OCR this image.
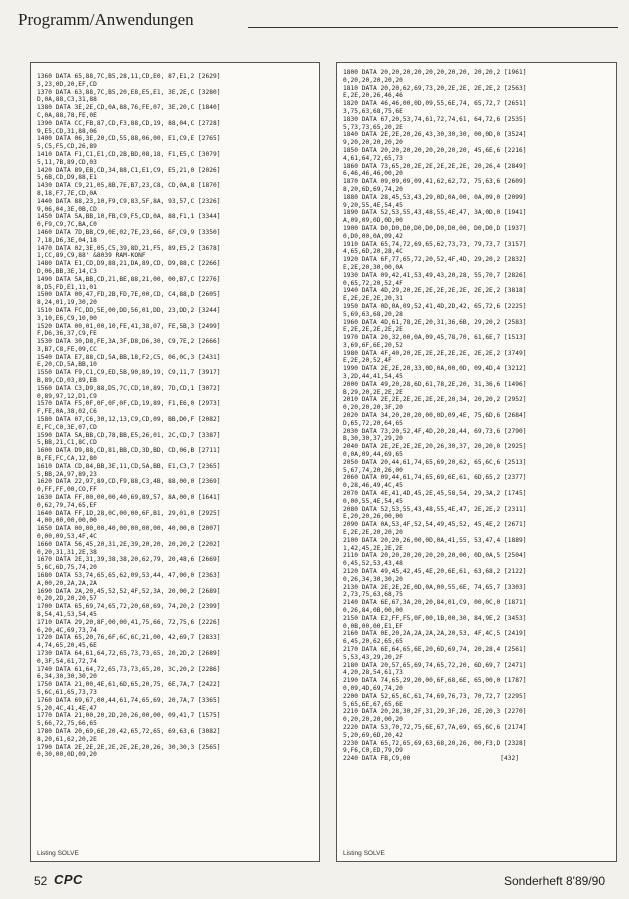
Programm/Anwendungen
1360 DATA 65,88,7C,B5,28,11,CD,E0, 87,E1,2 [2629]
3,23,0D,20,EF,CD
1370 DATA 63,88,7C,B5,20,E8,E5,E1, 3E,2E,C [3280]
D,0A,88,C3,31,88
1380 DATA 3E,2E,CD,0A,88,76,FE,07, 3E,20,C [1840]
C,0A,88,78,FE,0E
1390 DATA CC,FB,87,CD,F3,88,CD,19, 88,04,C [2728]
9,E5,CD,31,88,06
1400 DATA 06,3E,20,CD,55,88,06,00, E1,C9,E [2765]
5,C5,F5,CD,26,89
1410 DATA F1,C1,E1,CD,2B,BD,08,18, F1,E5,C [3079]
5,11,7B,89,CD,03
1420 DATA 89,EB,CD,34,88,C1,E1,C9, E5,21,0 [2026]
5,6B,CD,D9,88,E1
1430 DATA C9,21,05,8B,7E,B7,23,C8, CD,0A,8 [1870]
8,18,F7,7E,CD,0A
1440 DATA 88,23,10,F9,C9,83,5F,8A, 93,57,C [2326]
9,06,04,3E,0B,CD
1450 DATA 5A,BB,10,FB,C9,F5,CD,0A, 88,F1,1 [3344]
0,F9,C9,7C,BA,C0
1460 DATA 7D,BB,C9,0E,02,7E,23,66, 6F,C9,9 [3350]
7,18,D6,3E,04,18
1470 DATA 02,3E,05,C5,39,8D,21,F5, 89,E5,2 [3678]
1,CC,89,C9,88' &8039 RAM-KONF
1480 DATA E1,CD,D9,88,21,DA,89,CD, D9,88,C [2266]
D,06,BB,3E,14,C3
1490 DATA 5A,BB,CD,21,BE,88,21,00, 00,B7,C [2276]
8,D5,FD,E1,11,01
1500 DATA 00,47,FD,2B,FD,7E,00,CD, C4,88,D [2605]
8,24,01,19,30,20
1510 DATA FC,DD,5E,00,DD,56,01,DD, 23,DD,2 [3244]
3,10,E6,C9,10,00
1520 DATA 00,01,00,10,FE,41,38,07, FE,5B,3 [2499]
F,D6,36,37,C9,FE
1530 DATA 30,D8,FE,3A,3F,D8,D6,30, C9,7E,2 [2666]
3,B7,C8,FE,09,CC
1540 DATA E7,88,CD,5A,BB,18,F2,C5, 06,0C,3 [2431]
E,20,CD,5A,BB,10
1550 DATA F9,C1,C9,ED,5B,90,89,19, C9,11,7 [3917]
B,89,CD,03,89,EB
1560 DATA C3,D9,88,D5,7C,CD,10,89, 7D,CD,1 [3072]
0,89,97,12,D1,C9
1570 DATA F5,0F,0F,0F,0F,CD,19,89, F1,E6,0 [2973]
F,FE,0A,38,02,C6
1580 DATA 07,C6,30,12,13,C9,CD,09, BB,D0,F [2082]
E,FC,C0,3E,07,CD
1590 DATA 5A,BB,CD,78,BB,E5,26,01, 2C,CD,7 [3387]
5,BB,21,C1,8C,CD
1600 DATA D9,88,CD,81,BB,CD,3D,BD, CD,06,B [2711]
B,FE,FC,CA,12,80
1610 DATA CD,84,BB,3E,11,CD,5A,BB, E1,C3,7 [2365]
5,BB,2A,97,89,23
1620 DATA 22,97,89,CD,F9,88,C3,4B, 88,00,0 [2369]
0,FF,FF,00,CO,FF
1630 DATA FF,00,00,00,40,69,89,57, 8A,00,0 [1641]
0,62,79,74,65,EF
1640 DATA FF,1D,28,0C,00,00,6F,B1, 29,01,0 [2925]
4,00,00,00,00,00
1650 DATA 00,00,00,40,00,00,00,00, 40,00,0 [2007]
0,00,09,53,4F,4C
1660 DATA 56,45,20,31,2E,39,20,20, 20,20,2 [2202]
0,20,31,31,2E,38
1670 DATA 2E,31,39,38,38,20,62,79, 20,48,6 [2669]
5,6C,6D,75,74,20
1680 DATA 53,74,65,65,62,09,53,44, 47,00,0 [2363]
A,00,20,2A,2A,2A
1690 DATA 2A,20,45,52,52,4F,52,3A, 20,00,2 [2689]
0,20,2D,20,20,57
1700 DATA 65,69,74,65,72,20,60,69, 74,20,2 [2399]
8,54,41,53,54,45
1710 DATA 29,20,8F,00,00,41,75,66, 72,75,6 [2226]
6,20,4C,69,73,74
1720 DATA 65,20,76,6F,6C,6C,21,00, 42,69,7 [2833]
4,74,65,20,45,6E
1730 DATA 64,61,64,72,65,73,73,65, 20,2D,2 [2689]
0,3F,54,61,72,74
1740 DATA 61,64,72,65,73,73,65,20, 3C,20,2 [2286]
6,34,30,30,30,20
1750 DATA 21,00,4E,61,6D,65,20,75, 6E,7A,7 [2422]
5,6C,61,65,73,73
1760 DATA 69,67,00,44,61,74,65,69, 20,7A,7 [3365]
5,20,4C,41,4E,47
1770 DATA 21,00,20,2D,20,26,00,00, 09,41,7 [1575]
5,66,72,75,66,65
1780 DATA 20,69,6E,20,42,65,72,65, 69,63,6 [3082]
8,20,61,62,20,2E
1790 DATA 2E,2E,2E,2E,2E,2E,20,26, 30,30,3 [2565]
0,30,00,0D,09,20
Listing SOLVE
1800 DATA 20,20,20,20,20,20,20,20, 20,20,2 [1961]
0,20,20,20,20,20
1810 DATA 20,20,62,69,73,20,2E,2E, 2E,2E,2 [2563]
E,2E,20,26,46,46
1820 DATA 46,46,00,0D,09,55,6E,74, 65,72,7 [2651]
3,75,63,68,75,6E
1830 DATA 67,20,53,74,61,72,74,61, 64,72,6 [2535]
5,73,73,65,20,2E
1840 DATA 2E,2E,20,26,43,30,30,30, 00,0D,0 [3524]
9,20,20,20,20,20
1850 DATA 20,20,20,20,20,20,20,20, 45,6E,6 [2216]
4,61,64,72,65,73
1860 DATA 73,65,20,2E,2E,2E,2E,2E, 20,26,4 [2849]
6,46,46,46,00,20
1870 DATA 09,09,09,09,41,62,62,72, 75,63,6 [2609]
8,20,6D,69,74,20
1880 DATA 28,45,53,43,29,0D,0A,00, 0A,09,0 [2099]
9,20,55,4E,54,45
1890 DATA 52,53,55,43,48,55,4E,47, 3A,0D,0 [1941]
A,09,09,0D,0D,00
1900 DATA D0,D0,D0,D0,D0,D0,D0,00, D0,D0,D [1937]
0,D0,00,0A,09,42
1910 DATA 65,74,72,69,65,62,73,73, 79,73,7 [3157]
4,65,6D,20,28,4C
1920 DATA 6F,77,65,72,20,52,4F,4D, 29,20,2 [2832]
E,2E,20,30,00,0A
1930 DATA 09,42,41,53,49,43,20,28, 55,70,7 [2826]
0,65,72,20,52,4F
1940 DATA 4D,29,20,2E,2E,2E,2E,2E, 2E,2E,2 [3818]
E,2E,2E,2E,20,31
1950 DATA 0D,0A,09,52,41,4D,2D,42, 65,72,6 [2225]
5,69,63,68,20,28
1960 DATA 4D,61,78,2E,20,31,36,6B, 29,20,2 [2583]
E,2E,2E,2E,2E,2E
1970 DATA 20,32,00,0A,09,45,78,70, 61,6E,7 [1513]
3,69,6F,6E,20,52
1980 DATA 4F,40,20,2E,2E,2E,2E,2E, 2E,2E,2 [3749]
E,2E,20,52,4F
1990 DATA 2E,2E,20,33,0D,0A,00,0D, 09,4D,4 [3212]
3,2D,44,41,54,45
2000 DATA 49,20,28,6D,61,78,2E,20, 31,36,6 [1496]
B,29,20,2E,2E,2E
2010 DATA 2E,2E,2E,2E,2E,2E,20,34, 20,20,2 [2952]
0,20,20,20,3F,20
2020 DATA 34,20,20,20,00,0D,09,4E, 75,6D,6 [2684]
D,65,72,20,64,65
2030 DATA 73,20,52,4F,4D,20,28,44, 69,73,6 [2790]
B,30,30,37,29,20
2040 DATA 2E,2E,2E,2E,20,26,30,37, 20,20,0 [2925]
0,0A,09,44,69,65
2050 DATA 20,44,61,74,65,69,20,62, 65,6C,6 [2513]
5,67,74,20,26,00
2060 DATA 09,44,61,74,65,69,6E,61, 6D,65,2 [2377]
0,28,46,49,4C,45
2070 DATA 4E,41,4D,45,2E,45,58,54, 29,3A,2 [1745]
0,00,55,4E,54,45
2080 DATA 52,53,55,43,48,55,4E,47, 2E,2E,2 [2311]
E,20,20,26,00,00
2090 DATA 0A,53,4F,52,54,49,45,52, 45,4E,2 [2671]
E,2E,2E,20,20,20
2100 DATA 20,20,26,00,0D,0A,41,55, 53,47,4 [1889]
1,42,45,2E,2E,2E
2110 DATA 20,20,20,20,20,20,20,00, 0D,0A,5 [2504]
0,45,52,53,43,48
2120 DATA 49,45,42,45,4E,20,6E,61, 63,68,2 [2122]
0,26,34,30,30,20
2130 DATA 2E,2E,2E,0D,0A,00,55,6E, 74,65,7 [3303]
2,73,75,63,68,75
2140 DATA 6E,67,3A,20,20,84,01,C9, 00,0C,0 [1871]
0,26,84,0B,00,00
2150 DATA E2,FF,F5,0F,00,1B,00,30, 84,9E,2 [3453]
0,0B,00,00,E1,EF
2160 DATA 0E,20,2A,2A,2A,2A,20,53, 4F,4C,5 [2419]
6,45,20,62,65,65
2170 DATA 6E,64,65,6E,20,6D,69,74, 20,28,4 [2561]
5,53,43,29,20,2F
2180 DATA 20,57,65,69,74,65,72,20, 6D,69,7 [2471]
4,20,28,54,61,73
2190 DATA 74,65,29,20,00,6F,68,6E, 65,00,0 [1787]
0,09,4D,69,74,20
2200 DATA 52,65,6C,61,74,69,76,73, 70,72,7 [2295]
5,65,6E,67,65,6E
2210 DATA 20,28,30,2F,31,29,3F,20, 2E,20,3 [2270]
0,20,20,20,00,20
2220 DATA 53,70,72,75,6E,67,7A,69, 65,6C,6 [2174]
5,20,69,6D,20,42
2230 DATA 65,72,65,69,63,68,20,26, 00,F3,D [2328]
9,F6,C0,ED,79,D9
2240 DATA FB,C9,00                        [432]
Listing SOLVE
52 CPC	Sonderheft 8'89/90
